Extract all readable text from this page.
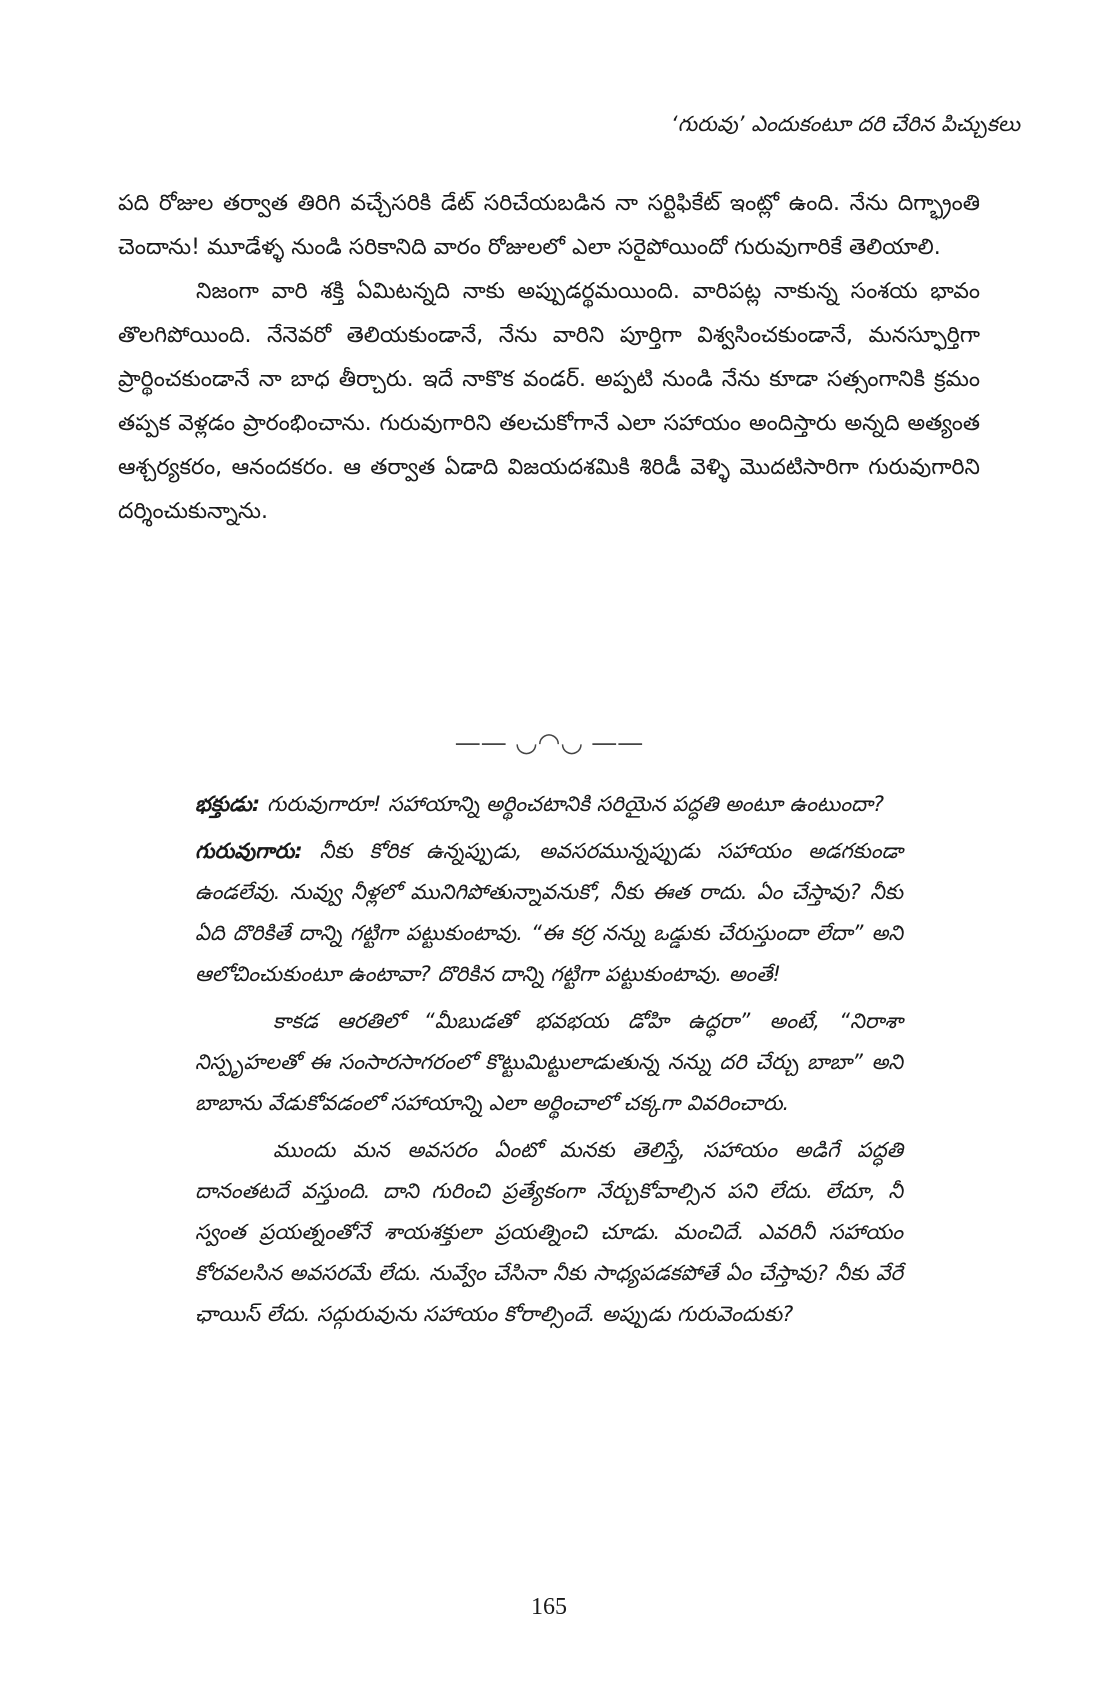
‘గురువు’ ఎందుకంటూ దరి చేరిన పిచ్చుకలు

పది రోజుల తర్వాత తిరిగి వచ్చేసరికి డేట్ సరిచేయబడిన నా సర్టిఫికేట్ ఇంట్లో ఉంది. నేను దిగ్భ్రాంతి చెందాను! మూడేళ్ళ నుండి సరికానిది వారం రోజులలో ఎలా సరైపోయిందో గురువుగారికే తెలియాలి.

నిజంగా వారి శక్తి ఏమిటన్నది నాకు అప్పుడర్థమయింది. వారిపట్ల నాకున్న సంశయ భావం తొలగిపోయింది. నేనెవరో తెలియకుండానే, నేను వారిని పూర్తిగా విశ్వసించకుండానే, మనస్ఫూర్తిగా ప్రార్థించకుండానే నా బాధ తీర్చారు. ఇదే నాకొక వండర్. అప్పటి నుండి నేను కూడా సత్సంగానికి క్రమం తప్పక వెళ్లడం ప్రారంభించాను. గురువుగారిని తలచుకోగానే ఎలా సహాయం అందిస్తారు అన్నది అత్యంత ఆశ్చర్యకరం, ఆనందకరం. ఆ తర్వాత ఏడాది విజయదశమికి శిరిడీ వెళ్ళి మొదటిసారిగా గురువుగారిని దర్శించుకున్నాను.

—— ◡◠◡ ——

భక్తుడు: గురువుగారూ! సహాయాన్ని అర్థించటానికి సరియైన పద్ధతి అంటూ ఉంటుందా?

గురువుగారు: నీకు కోరిక ఉన్నప్పుడు, అవసరమున్నప్పుడు సహాయం అడగకుండా ఉండలేవు. నువ్వు నీళ్లలో మునిగిపోతున్నావనుకో, నీకు ఈత రాదు. ఏం చేస్తావు? నీకు ఏది దొరికితే దాన్ని గట్టిగా పట్టుకుంటావు. “ఈ కర్ర నన్ను ఒడ్డుకు చేరుస్తుందా లేదా” అని ఆలోచించుకుంటూ ఉంటావా? దొరికిన దాన్ని గట్టిగా పట్టుకుంటావు. అంతే!

కాకడ ఆరతిలో “మీబుడతో భవభయ డోహి ఉద్ధరా” అంటే, “నిరాశా నిస్పృహలతో ఈ సంసారసాగరంలో కొట్టుమిట్టులాడుతున్న నన్ను దరి చేర్చు బాబా” అని బాబాను వేడుకోవడంలో సహాయాన్ని ఎలా అర్థించాలో చక్కగా వివరించారు.

ముందు మన అవసరం ఏంటో మనకు తెలిస్తే, సహాయం అడిగే పద్ధతి దానంతటదే వస్తుంది. దాని గురించి ప్రత్యేకంగా నేర్చుకోవాల్సిన పని లేదు. లేదూ, నీ స్వంత ప్రయత్నంతోనే శాయశక్తులా ప్రయత్నించి చూడు. మంచిదే. ఎవరినీ సహాయం కోరవలసిన అవసరమే లేదు. నువ్వేం చేసినా నీకు సాధ్యపడకపోతే ఏం చేస్తావు? నీకు వేరే ఛాయిస్ లేదు. సద్గురువును సహాయం కోరాల్సిందే. అప్పుడు గురువెందుకు?

165
